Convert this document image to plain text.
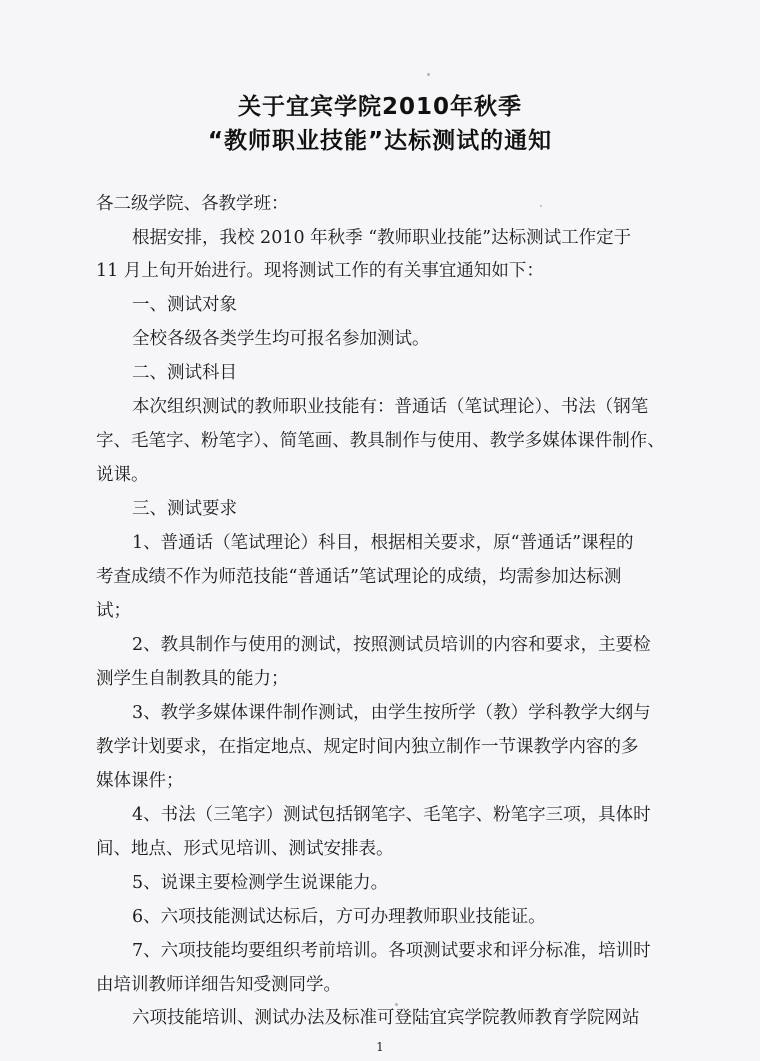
关于宜宾学院2010年秋季
“教师职业技能”达标测试的通知
各二级学院、各教学班：
根据安排，我校 2010 年秋季 “教师职业技能”达标测试工作定于
11 月上旬开始进行。现将测试工作的有关事宜通知如下：
一、测试对象
全校各级各类学生均可报名参加测试。
二、测试科目
本次组织测试的教师职业技能有：普通话（笔试理论）、书法（钢笔
字、毛笔字、粉笔字）、简笔画、教具制作与使用、教学多媒体课件制作、
说课。
三、测试要求
1、普通话（笔试理论）科目，根据相关要求，原“普通话”课程的
考查成绩不作为师范技能“普通话”笔试理论的成绩，均需参加达标测
试；
2、教具制作与使用的测试，按照测试员培训的内容和要求，主要检
测学生自制教具的能力；
3、教学多媒体课件制作测试，由学生按所学（教）学科教学大纲与
教学计划要求，在指定地点、规定时间内独立制作一节课教学内容的多
媒体课件；
4、书法（三笔字）测试包括钢笔字、毛笔字、粉笔字三项，具体时
间、地点、形式见培训、测试安排表。
5、说课主要检测学生说课能力。
6、六项技能测试达标后，方可办理教师职业技能证。
7、六项技能均要组织考前培训。各项测试要求和评分标准，培训时
由培训教师详细告知受测同学。
六项技能培训、测试办法及标准可登陆宜宾学院教师教育学院网站
1
